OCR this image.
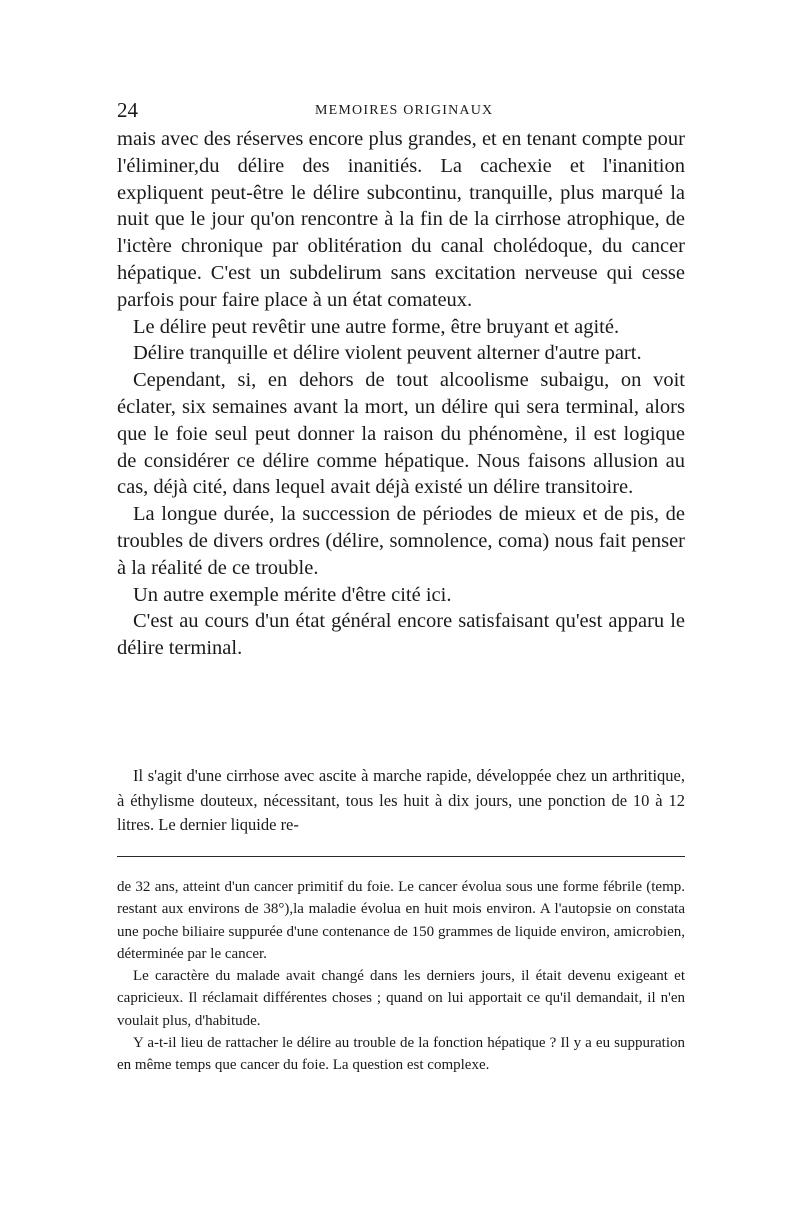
24	MEMOIRES ORIGINAUX

mais avec des réserves encore plus grandes, et en tenant compte pour l'éliminer,du délire des inanitiés. La cachexie et l'inanition expliquent peut-être le délire subcontinu, tranquille, plus marqué la nuit que le jour qu'on rencontre à la fin de la cirrhose atrophique, de l'ictère chronique par oblitération du canal cholédoque, du cancer hépatique. C'est un subdelirum sans excitation nerveuse qui cesse parfois pour faire place à un état comateux.

Le délire peut revêtir une autre forme, être bruyant et agité.

Délire tranquille et délire violent peuvent alterner d'autre part.

Cependant, si, en dehors de tout alcoolisme subaigu, on voit éclater, six semaines avant la mort, un délire qui sera terminal, alors que le foie seul peut donner la raison du phénomène, il est logique de considérer ce délire comme hépatique. Nous faisons allusion au cas, déjà cité, dans lequel avait déjà existé un délire transitoire.

La longue durée, la succession de périodes de mieux et de pis, de troubles de divers ordres (délire, somnolence, coma) nous fait penser à la réalité de ce trouble.

Un autre exemple mérite d'être cité ici.

C'est au cours d'un état général encore satisfaisant qu'est apparu le délire terminal.

Il s'agit d'une cirrhose avec ascite à marche rapide, développée chez un arthritique, à éthylisme douteux, nécessitant, tous les huit à dix jours, une ponction de 10 à 12 litres. Le dernier liquide re-

de 32 ans, atteint d'un cancer primitif du foie. Le cancer évolua sous une forme fébrile (temp. restant aux environs de 38°),la maladie évolua en huit mois environ. A l'autopsie on constata une poche biliaire suppurée d'une contenance de 150 grammes de liquide environ, amicrobien, déterminée par le cancer.

Le caractère du malade avait changé dans les derniers jours, il était devenu exigeant et capricieux. Il réclamait différentes choses ; quand on lui apportait ce qu'il demandait, il n'en voulait plus, d'habitude.

Y a-t-il lieu de rattacher le délire au trouble de la fonction hépatique ? Il y a eu suppuration en même temps que cancer du foie. La question est complexe.
